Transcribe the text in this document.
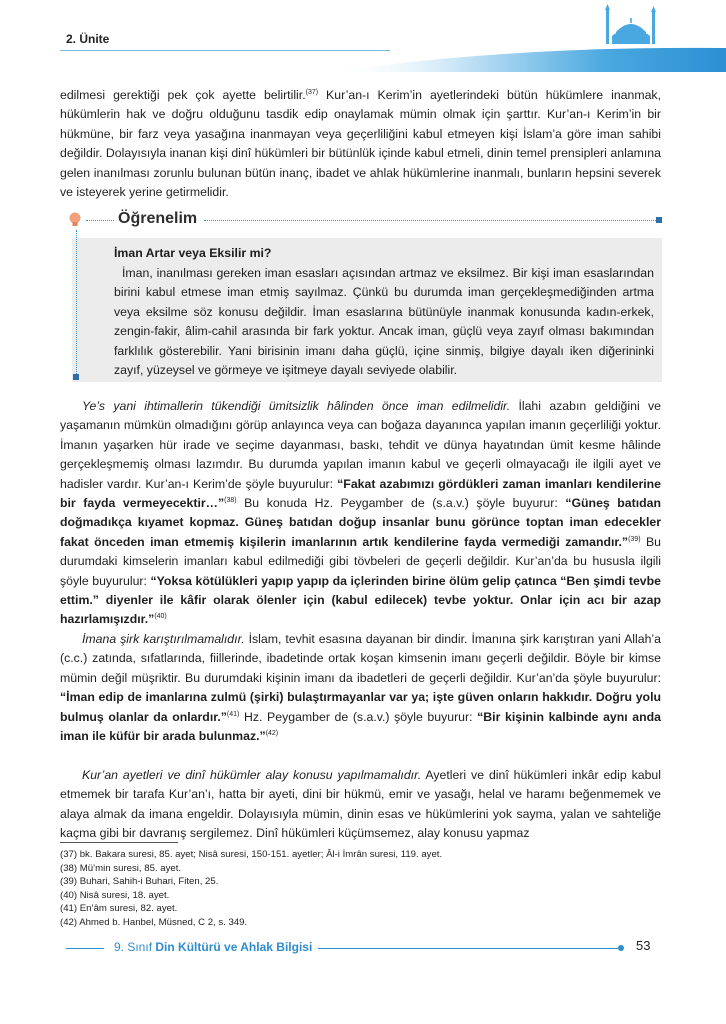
2. Ünite	Din ve İslam

edilmesi gerektiği pek çok ayette belirtilir.$^{(37)}$ Kur’an-ı Kerim’in ayetlerindeki bütün hükümlere inanmak, hükümlerin hak ve doğru olduğunu tasdik edip onaylamak mümin olmak için şarttır. Kur’an-ı Kerim’in bir hükmüne, bir farz veya yasağına inanmayan veya geçerliliğini kabul etmeyen kişi İslam’a göre iman sahibi değildir. Dolayısıyla inanan kişi dinî hükümleri bir bütünlük içinde kabul etmeli, dinin temel prensipleri anlamına gelen inanılması zorunlu bulunan bütün inanç, ibadet ve ahlak hükümlerine inanmalı, bunların hepsini severek ve isteyerek yerine getirmelidir.

Öğrenelim
İman Artar veya Eksilir mi?

İman, inanılması gereken iman esasları açısından artmaz ve eksilmez. Bir kişi iman esaslarından birini kabul etmese iman etmiş sayılmaz. Çünkü bu durumda iman gerçekleşmediğinden artma veya eksilme söz konusu değildir. İman esaslarına bütünüyle inanmak konusunda kadın-erkek, zengin-fakir, âlim-cahil arasında bir fark yoktur. Ancak iman, güçlü veya zayıf olması bakımından farklılık gösterebilir. Yani birisinin imanı daha güçlü, içine sinmiş, bilgiye dayalı iken diğerininki zayıf, yüzeysel ve görmeye ve işitmeye dayalı seviyede olabilir.

Ye’s yani ihtimallerin tükendiği ümitsizlik hâlinden önce iman edilmelidir. İlahi azabın geldiğini ve yaşamanın mümkün olmadığını görüp anlayınca veya can boğaza dayanınca yapılan imanın geçerliliği yoktur. İmanın yaşarken hür irade ve seçime dayanması, baskı, tehdit ve dünya hayatından ümit kesme hâlinde gerçekleşmemiş olması lazımdır. Bu durumda yapılan imanın kabul ve geçerli olmayacağı ile ilgili ayet ve hadisler vardır. Kur’an-ı Kerim’de şöyle buyurulur: “Fakat azabımızı gördükleri zaman imanları kendilerine bir fayda vermeyecektir…”$^{(38)}$ Bu konuda Hz. Peygamber de (s.a.v.) şöyle buyurur: “Güneş batıdan doğmadıkça kıyamet kopmaz. Güneş batıdan doğup insanlar bunu görünce toptan iman edecekler fakat önceden iman etmemiş kişilerin imanlarının artık kendilerine fayda vermediği zamandır.”$^{(39)}$ Bu durumdaki kimselerin imanları kabul edilmediği gibi tövbeleri de geçerli değildir. Kur’an’da bu hususla ilgili şöyle buyurulur: “Yoksa kötülükleri yapıp yapıp da içlerinden birine ölüm gelip çatınca “Ben şimdi tevbe ettim.” diyenler ile kâfir olarak ölenler için (kabul edilecek) tevbe yoktur. Onlar için acı bir azap hazırlamışızdır.”$^{(40)}$

İmana şirk karıştırılmamalıdır. İslam, tevhit esasına dayanan bir dindir. İmanına şirk karıştıran yani Allah’a (c.c.) zatında, sıfatlarında, fiillerinde, ibadetinde ortak koşan kimsenin imanı geçerli değildir. Böyle bir kimse mümin değil müşriktir. Bu durumdaki kişinin imanı da ibadetleri de geçerli değildir. Kur’an’da şöyle buyurulur: “İman edip de imanlarına zulmü (şirki) bulaştırmayanlar var ya; işte güven onların hakkıdır. Doğru yolu bulmuş olanlar da onlardır.”$^{(41)}$ Hz. Peygamber de (s.a.v.) şöyle buyurur: “Bir kişinin kalbinde aynı anda iman ile küfür bir arada bulunmaz.”$^{(42)}$

Kur’an ayetleri ve dinî hükümler alay konusu yapılmamalıdır. Ayetleri ve dinî hükümleri inkâr edip kabul etmemek bir tarafa Kur’an’ı, hatta bir ayeti, dini bir hükmü, emir ve yasağı, helal ve haramı beğenmemek ve alaya almak da imana engeldir. Dolayısıyla mümin, dinin esas ve hükümlerini yok sayma, yalan ve sahteliğe kaçma gibi bir davranış sergilemez. Dinî hükümleri küçümsemez, alay konusu yapmaz

(37) bk. Bakara suresi, 85. ayet; Nisâ suresi, 150-151. ayetler; Âl-i İmrân suresi, 119. ayet.
(38) Mü’min suresi, 85. ayet.
(39) Buhari, Sahih-i Buhari, Fiten, 25.
(40) Nisâ suresi, 18. ayet.
(41) En’âm suresi, 82. ayet.
(42) Ahmed b. Hanbel, Müsned, C 2, s. 349.
9. Sınıf Din Kültürü ve Ahlak Bilgisi	53
